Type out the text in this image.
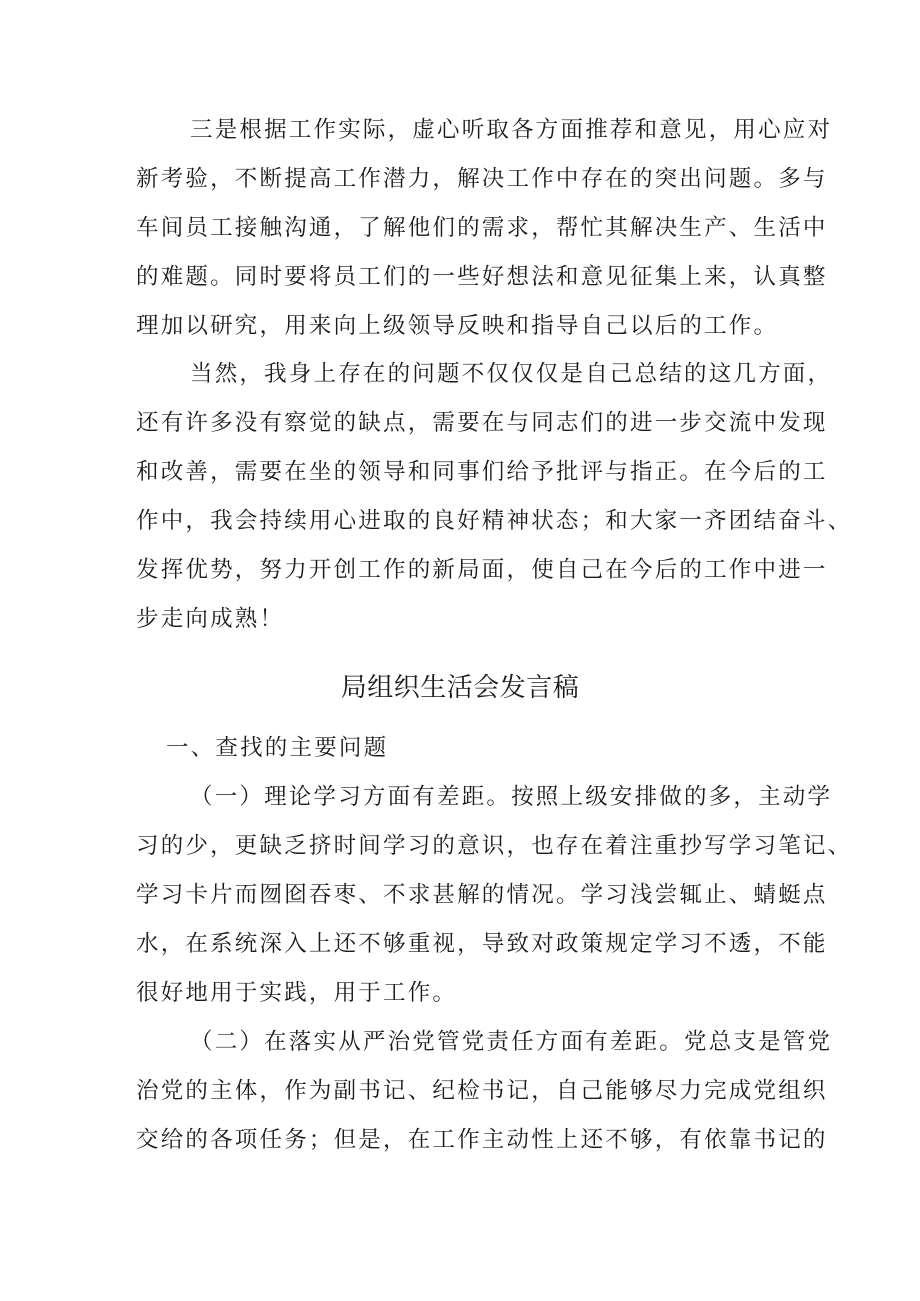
三是根据工作实际，虚心听取各方面推荐和意见，用心应对
新考验，不断提高工作潜力，解决工作中存在的突出问题。多与
车间员工接触沟通，了解他们的需求，帮忙其解决生产、生活中
的难题。同时要将员工们的一些好想法和意见征集上来，认真整
理加以研究，用来向上级领导反映和指导自己以后的工作。
当然，我身上存在的问题不仅仅仅是自己总结的这几方面，
还有许多没有察觉的缺点，需要在与同志们的进一步交流中发现
和改善，需要在坐的领导和同事们给予批评与指正。在今后的工
作中，我会持续用心进取的良好精神状态；和大家一齐团结奋斗、
发挥优势，努力开创工作的新局面，使自己在今后的工作中进一
步走向成熟！
局组织生活会发言稿
一、查找的主要问题
（一）理论学习方面有差距。按照上级安排做的多，主动学
习的少，更缺乏挤时间学习的意识，也存在着注重抄写学习笔记、
学习卡片而囫囵吞枣、不求甚解的情况。学习浅尝辄止、蜻蜓点
水，在系统深入上还不够重视，导致对政策规定学习不透，不能
很好地用于实践，用于工作。
（二）在落实从严治党管党责任方面有差距。党总支是管党
治党的主体，作为副书记、纪检书记，自己能够尽力完成党组织
交给的各项任务；但是，在工作主动性上还不够，有依靠书记的
